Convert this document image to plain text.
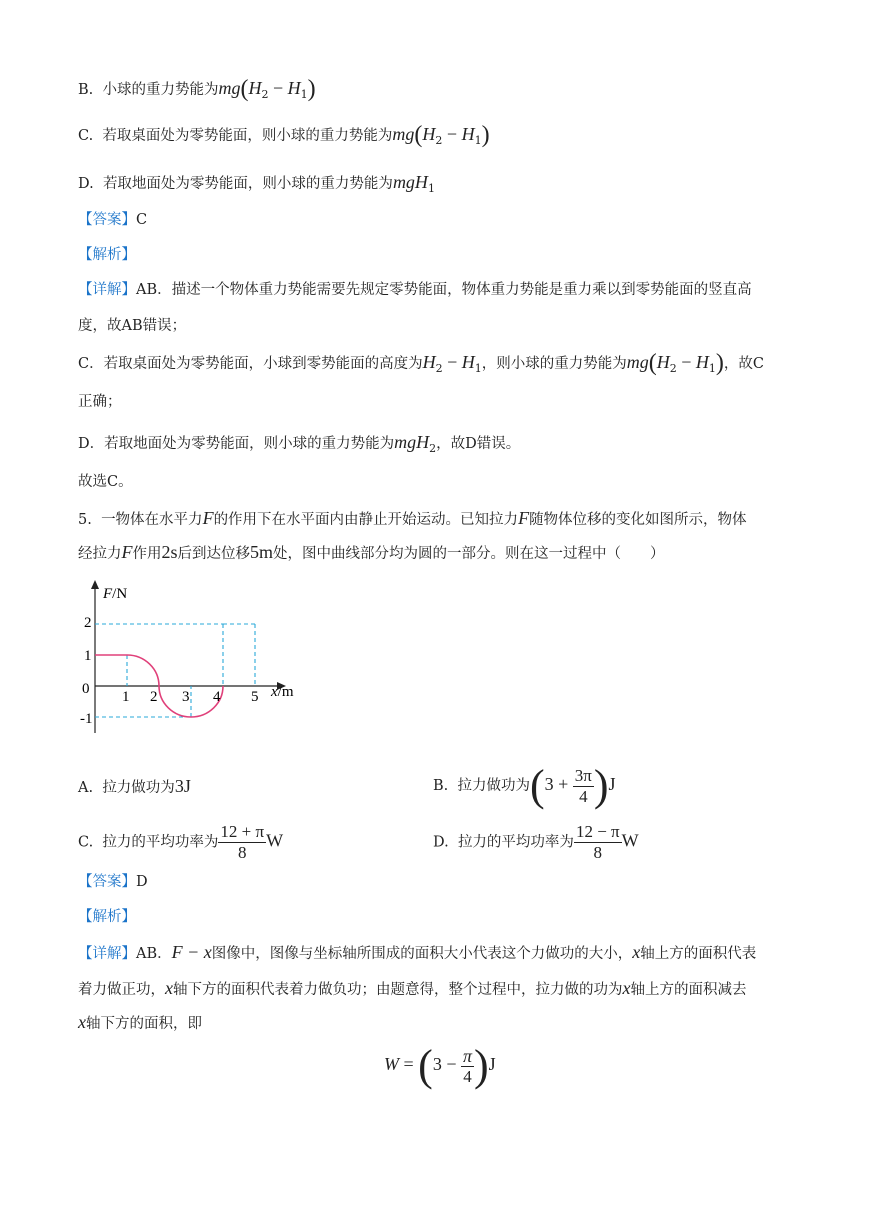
B. 小球的重力势能为$mg(H_2 - H_1)$
C. 若取桌面处为零势能面，则小球的重力势能为$mg(H_2 - H_1)$
D. 若取地面处为零势能面，则小球的重力势能为mgH$_1$
【答案】C
【解析】
【详解】AB．描述一个物体重力势能需要先规定零势能面，物体重力势能是重力乘以到零势能面的竖直高
度，故AB错误；
C．若取桌面处为零势能面，小球到零势能面的高度为$H_2 - H_1$，则小球的重力势能为$mg(H_2 - H_1)$，故C
正确；
D．若取地面处为零势能面，则小球的重力势能为mgH$_2$，故D错误。
故选C。
5. 一物体在水平力F的作用下在水平面内由静止开始运动。已知拉力F随物体位移的变化如图所示，物体
经拉力F作用2s后到达位移5m处，图中曲线部分均为圆的一部分。则在这一过程中（　　）
F/N
x/m
2
1
0
-1
1 2 3 4 5
A. 拉力做功为3J	B. 拉力做功为$(3 + \frac{3\pi}{4} )J$
C. 拉力的平均功率为 $\frac{12 + \pi}{8}$ W	D. 拉力的平均功率为 $\frac{12 - \pi}{8}$ W
【答案】D
【解析】
【详解】AB．F − x图像中，图像与坐标轴所围成的面积大小代表这个力做功的大小，x轴上方的面积代表
着力做正功，x轴下方的面积代表着力做负功；由题意得，整个过程中，拉力做的功为x轴上方的面积减去
x轴下方的面积，即
$W = (3 - \frac{\pi}{4} )J$
